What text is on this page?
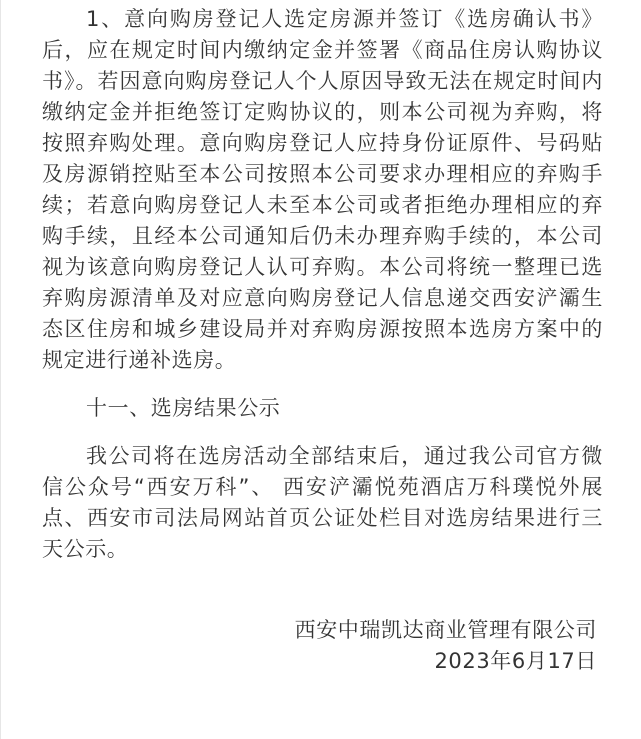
1、意向购房登记人选定房源并签订《选房确认书》后，应在规定时间内缴纳定金并签署《商品住房认购协议书》。若因意向购房登记人个人原因导致无法在规定时间内缴纳定金并拒绝签订定购协议的，则本公司视为弃购，将按照弃购处理。意向购房登记人应持身份证原件、号码贴及房源销控贴至本公司按照本公司要求办理相应的弃购手续；若意向购房登记人未至本公司或者拒绝办理相应的弃购手续，且经本公司通知后仍未办理弃购手续的，本公司视为该意向购房登记人认可弃购。本公司将统一整理已选弃购房源清单及对应意向购房登记人信息递交西安浐灞生态区住房和城乡建设局并对弃购房源按照本选房方案中的规定进行递补选房。

十一、选房结果公示

我公司将在选房活动全部结束后，通过我公司官方微信公众号“西安万科”、 西安浐灞悦苑酒店万科璞悦外展点、西安市司法局网站首页公证处栏目对选房结果进行三天公示。

西安中瑞凯达商业管理有限公司
2023年6月17日
